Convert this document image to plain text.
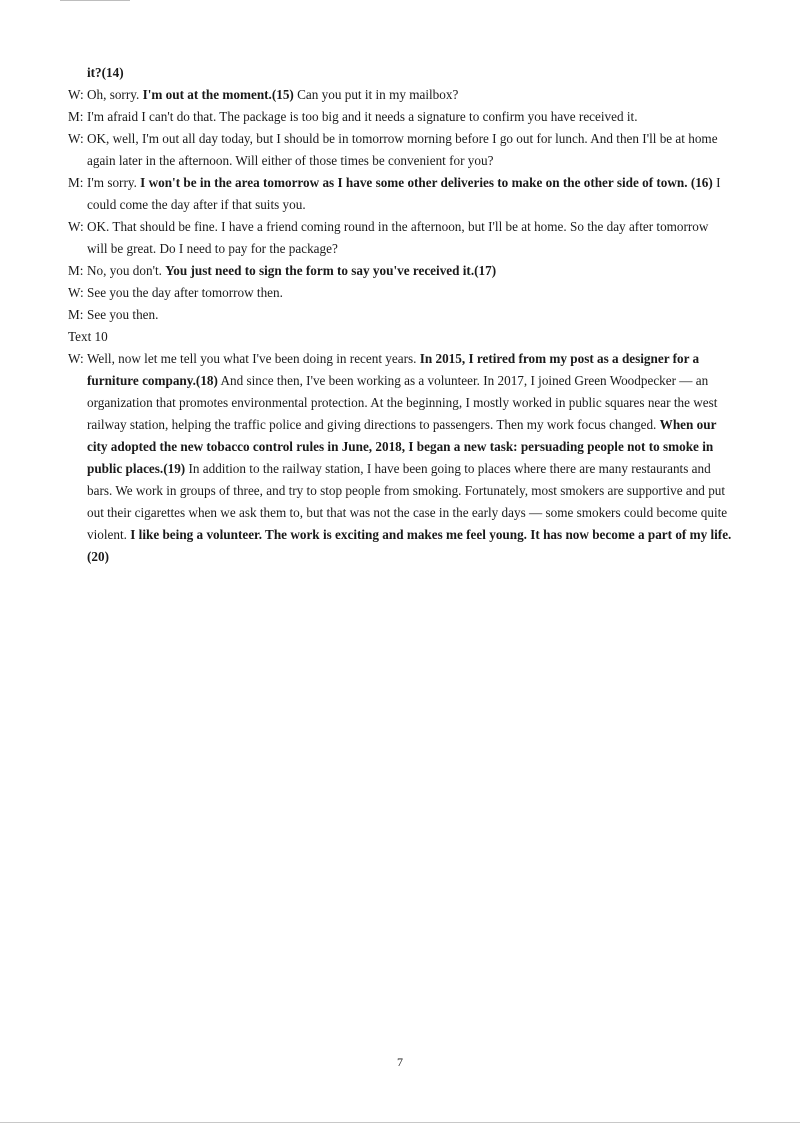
it?(14)
W: Oh, sorry. I'm out at the moment.(15) Can you put it in my mailbox?
M: I'm afraid I can't do that. The package is too big and it needs a signature to confirm you have received it.
W: OK, well, I'm out all day today, but I should be in tomorrow morning before I go out for lunch. And then I'll be at home again later in the afternoon. Will either of those times be convenient for you?
M: I'm sorry. I won't be in the area tomorrow as I have some other deliveries to make on the other side of town. (16) I could come the day after if that suits you.
W: OK. That should be fine. I have a friend coming round in the afternoon, but I'll be at home. So the day after tomorrow will be great. Do I need to pay for the package?
M: No, you don't. You just need to sign the form to say you've received it.(17)
W: See you the day after tomorrow then.
M: See you then.
Text 10
W: Well, now let me tell you what I've been doing in recent years. In 2015, I retired from my post as a designer for a furniture company.(18) And since then, I've been working as a volunteer. In 2017, I joined Green Woodpecker — an organization that promotes environmental protection. At the beginning, I mostly worked in public squares near the west railway station, helping the traffic police and giving directions to passengers. Then my work focus changed. When our city adopted the new tobacco control rules in June, 2018, I began a new task: persuading people not to smoke in public places.(19) In addition to the railway station, I have been going to places where there are many restaurants and bars. We work in groups of three, and try to stop people from smoking. Fortunately, most smokers are supportive and put out their cigarettes when we ask them to, but that was not the case in the early days — some smokers could become quite violent. I like being a volunteer. The work is exciting and makes me feel young. It has now become a part of my life.(20)
7
